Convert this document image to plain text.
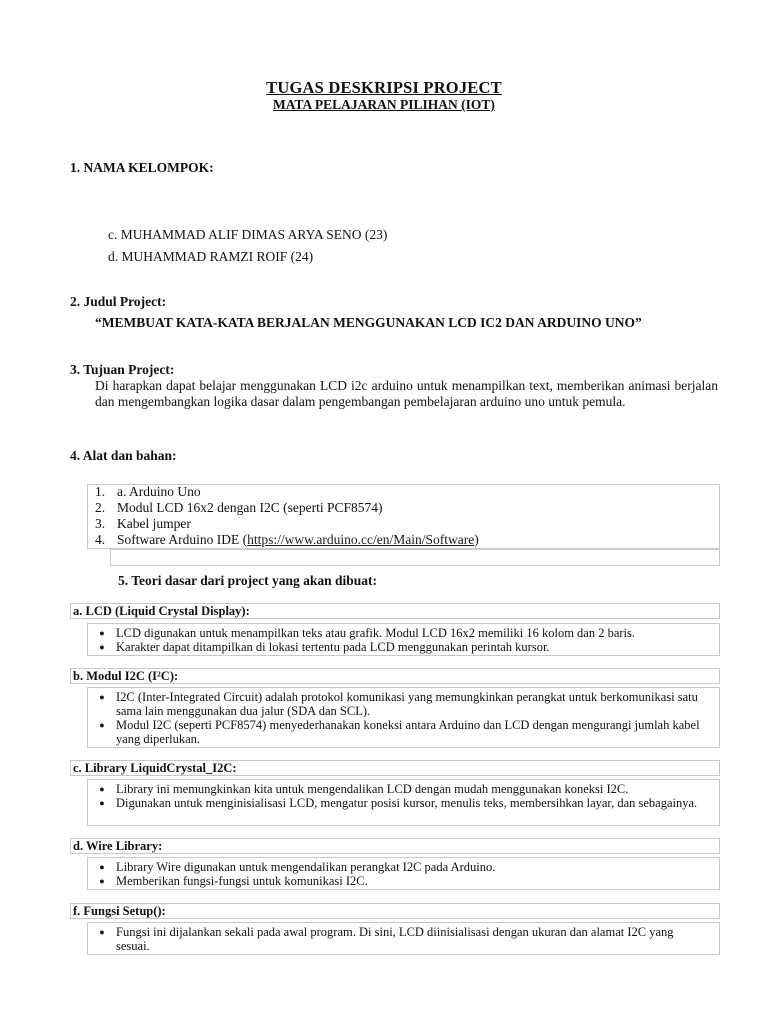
TUGAS DESKRIPSI PROJECT
MATA PELAJARAN PILIHAN (IOT)
1. NAMA KELOMPOK:
c. MUHAMMAD ALIF DIMAS ARYA SENO (23)
d. MUHAMMAD RAMZI ROIF (24)
2. Judul Project:
“MEMBUAT KATA-KATA BERJALAN MENGGUNAKAN LCD IC2 DAN ARDUINO UNO”
3. Tujuan Project:
Di harapkan dapat belajar menggunakan LCD i2c arduino untuk menampilkan text, memberikan animasi berjalan dan mengembangkan logika dasar dalam pengembangan pembelajaran arduino uno untuk pemula.
4. Alat dan bahan:
1. a. Arduino Uno
2. Modul LCD 16x2 dengan I2C (seperti PCF8574)
3. Kabel jumper
4. Software Arduino IDE (https://www.arduino.cc/en/Main/Software)
5. Teori dasar dari project yang akan dibuat:
a. LCD (Liquid Crystal Display):
● LCD digunakan untuk menampilkan teks atau grafik. Modul LCD 16x2 memiliki 16 kolom dan 2 baris.
● Karakter dapat ditampilkan di lokasi tertentu pada LCD menggunakan perintah kursor.
b. Modul I2C (I²C):
● I2C (Inter-Integrated Circuit) adalah protokol komunikasi yang memungkinkan perangkat untuk berkomunikasi satu sama lain menggunakan dua jalur (SDA dan SCL).
● Modul I2C (seperti PCF8574) menyederhanakan koneksi antara Arduino dan LCD dengan mengurangi jumlah kabel yang diperlukan.
c. Library LiquidCrystal_I2C:
● Library ini memungkinkan kita untuk mengendalikan LCD dengan mudah menggunakan koneksi I2C.
● Digunakan untuk menginisialisasi LCD, mengatur posisi kursor, menulis teks, membersihkan layar, dan sebagainya.
d. Wire Library:
● Library Wire digunakan untuk mengendalikan perangkat I2C pada Arduino.
● Memberikan fungsi-fungsi untuk komunikasi I2C.
f. Fungsi Setup():
● Fungsi ini dijalankan sekali pada awal program. Di sini, LCD diinisialisasi dengan ukuran dan alamat I2C yang sesuai.
